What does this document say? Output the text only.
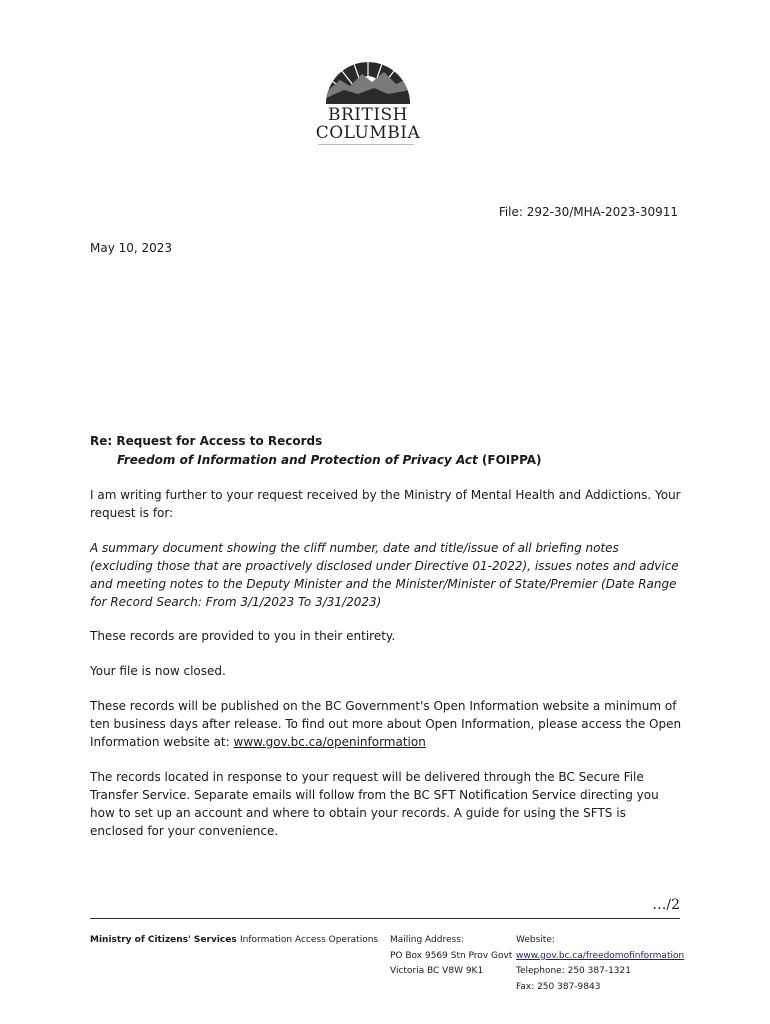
BRITISH
COLUMBIA
File: 292-30/MHA-2023-30911
May 10, 2023
Re: Request for Access to Records
Freedom of Information and Protection of Privacy Act (FOIPPA)
I am writing further to your request received by the Ministry of Mental Health and Addictions. Your request is for:
A summary document showing the cliff number, date and title/issue of all briefing notes (excluding those that are proactively disclosed under Directive 01-2022), issues notes and advice and meeting notes to the Deputy Minister and the Minister/Minister of State/Premier (Date Range for Record Search: From 3/1/2023 To 3/31/2023)
These records are provided to you in their entirety.
Your file is now closed.
These records will be published on the BC Government's Open Information website a minimum of ten business days after release. To find out more about Open Information, please access the Open Information website at: www.gov.bc.ca/openinformation
The records located in response to your request will be delivered through the BC Secure File Transfer Service. Separate emails will follow from the BC SFT Notification Service directing you how to set up an account and where to obtain your records. A guide for using the SFTS is enclosed for your convenience.
…/2
Ministry of Citizens' Services Information Access Operations Mailing Address:
PO Box 9569 Stn Prov Govt
Victoria BC V8W 9K1
Website:
www.gov.bc.ca/freedomofinformation
Telephone: 250 387-1321
Fax: 250 387-9843
